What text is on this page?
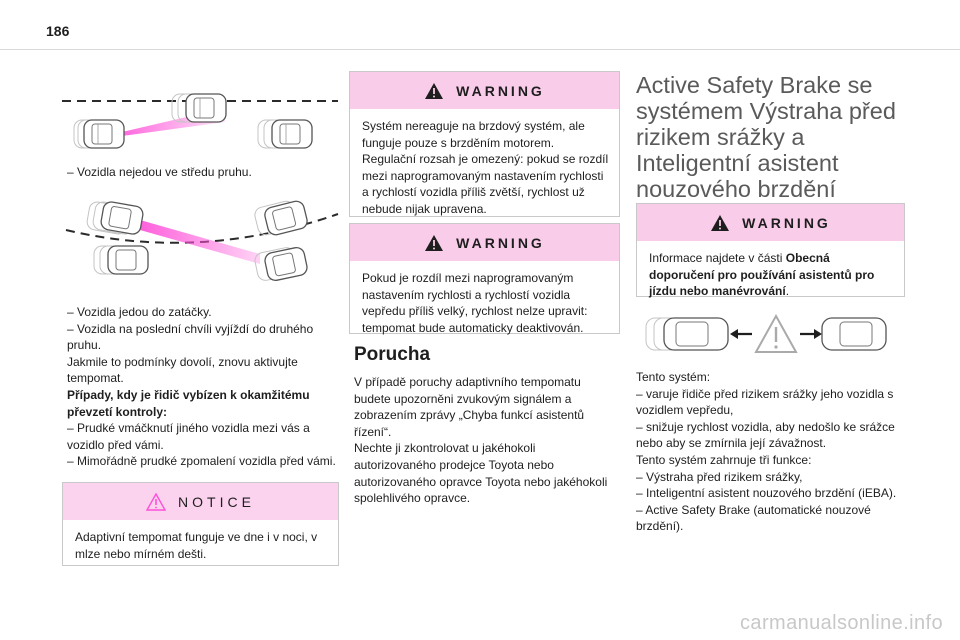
186

– Vozidla nejedou ve středu pruhu.

– Vozidla jedou do zatáčky.
– Vozidla na poslední chvíli vyjíždí do druhého pruhu.
Jakmile to podmínky dovolí, znovu aktivujte tempomat.

Případy, kdy je řidič vybízen k okamžitému převzetí kontroly:

– Prudké vmáčknutí jiného vozidla mezi vás a vozidlo před vámi.
– Mimořádně prudké zpomalení vozidla před vámi.

NOTICE
Adaptivní tempomat funguje ve dne i v noci, v mlze nebo mírném dešti.
WARNING
Systém nereaguje na brzdový systém, ale funguje pouze s brzděním motorem. Regulační rozsah je omezený: pokud se rozdíl mezi naprogramovaným nastavením rychlosti a rychlostí vozidla příliš zvětší, rychlost už nebude nijak upravena.
WARNING
Pokud je rozdíl mezi naprogramovaným nastavením rychlosti a rychlostí vozidla vepředu příliš velký, rychlost nelze upravit: tempomat bude automaticky deaktivován.
Porucha

V případě poruchy adaptivního tempomatu budete upozorněni zvukovým signálem a zobrazením zprávy „Chyba funkcí asistentů řízení“.
Nechte ji zkontrolovat u jakéhokoli autorizovaného prodejce Toyota nebo autorizovaného opravce Toyota nebo jakéhokoli spolehlivého opravce.

Active Safety Brake se systémem Výstraha před rizikem srážky a Inteligentní asistent nouzového brzdění
WARNING
Informace najdete v části Obecná doporučení pro používání asistentů pro jízdu nebo manévrování.

Tento systém:
– varuje řidiče před rizikem srážky jeho vozidla s vozidlem vepředu,
– snižuje rychlost vozidla, aby nedošlo ke srážce nebo aby se zmírnila její závažnost.
Tento systém zahrnuje tři funkce:
– Výstraha před rizikem srážky,
– Inteligentní asistent nouzového brzdění (iEBA).
– Active Safety Brake (automatické nouzové brzdění).

carmanualsonline.info
